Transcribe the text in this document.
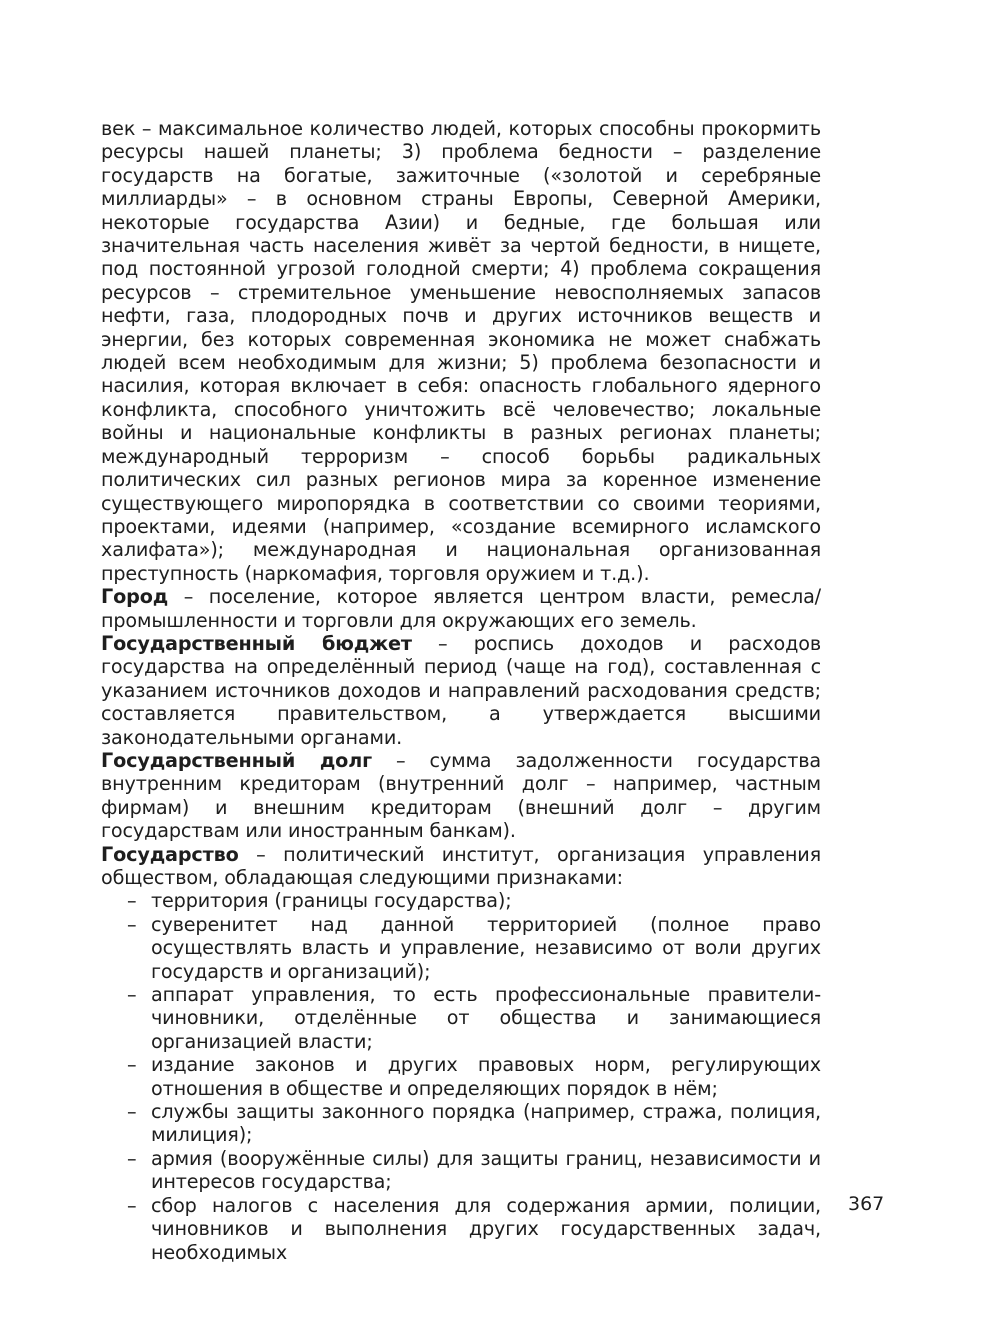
век – максимальное количество людей, которых способны прокормить ресурсы нашей планеты; 3) проблема бедности – разделение государств на богатые, зажиточные («золотой и серебряные миллиарды» – в основном страны Европы, Северной Америки, некоторые государства Азии) и бедные, где большая или значительная часть населения живёт за чертой бедности, в нищете, под постоянной угрозой голодной смерти; 4) проблема сокращения ресурсов – стремительное уменьшение невосполняемых запасов нефти, газа, плодородных почв и других источников веществ и энергии, без которых современная экономика не может снабжать людей всем необходимым для жизни; 5) проблема безопасности и насилия, которая включает в себя: опасность глобального ядерного конфликта, способного уничтожить всё человечество; локальные войны и национальные конфликты в разных регионах планеты; международный терроризм – способ борьбы радикальных политических сил разных регионов мира за коренное изменение существующего миропорядка в соответствии со своими теориями, проектами, идеями (например, «создание всемирного исламского халифата»); международная и национальная организованная преступность (наркомафия, торговля оружием и т.д.).

Город – поселение, которое является центром власти, ремесла/промышленности и торговли для окружающих его земель.

Государственный бюджет – роспись доходов и расходов государства на определённый период (чаще на год), составленная с указанием источников доходов и направлений расходования средств; составляется правительством, а утверждается высшими законодательными органами.

Государственный долг – сумма задолженности государства внутренним кредиторам (внутренний долг – например, частным фирмам) и внешним кредиторам (внешний долг – другим государствам или иностранным банкам).

Государство – политический институт, организация управления обществом, обладающая следующими признаками:

– территория (границы государства);
– суверенитет над данной территорией (полное право осуществлять власть и управление, независимо от воли других государств и организаций);
– аппарат управления, то есть профессиональные правители-чиновники, отделённые от общества и занимающиеся организацией власти;
– издание законов и других правовых норм, регулирующих отношения в обществе и определяющих порядок в нём;
– службы защиты законного порядка (например, стража, полиция, милиция);
– армия (вооружённые силы) для защиты границ, независимости и интересов государства;
– сбор налогов с населения для содержания армии, полиции, чиновников и выполнения других государственных задач, необходимых
367
